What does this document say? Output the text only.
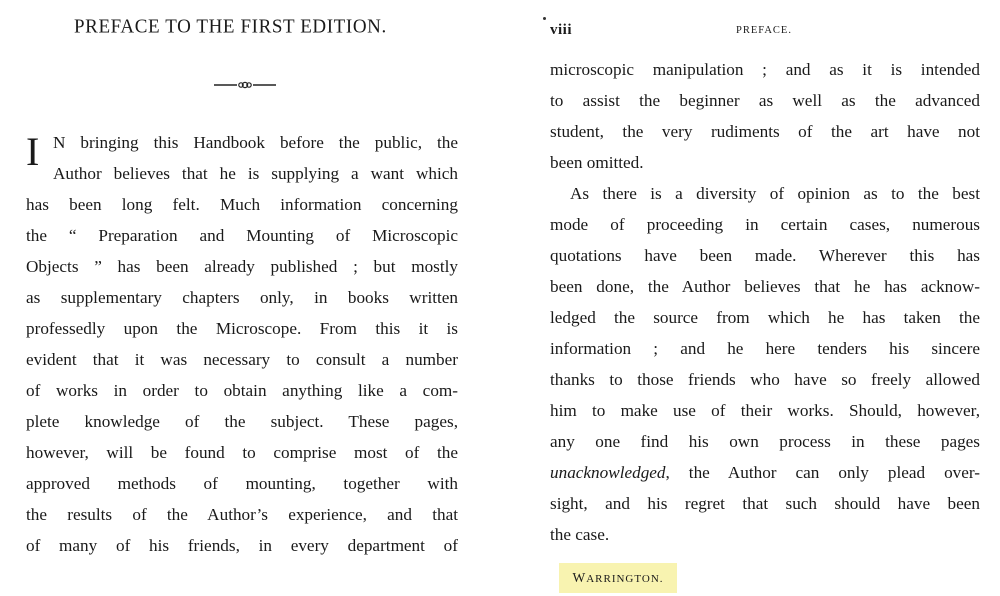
PREFACE TO THE FIRST EDITION.
I N bringing this Handbook before the public, the
Author believes that he is supplying a want which
has been long felt. Much information concerning
the “ Preparation and Mounting of Microscopic
Objects ” has been already published ; but mostly
as supplementary chapters only, in books written
professedly upon the Microscope. From this it is
evident that it was necessary to consult a number
of works in order to obtain anything like a com-
plete knowledge of the subject. These pages,
however, will be found to comprise most of the
approved methods of mounting, together with
the results of the Author’s experience, and that
of many of his friends, in every department of
viii	PREFACE.
microscopic manipulation ; and as it is intended
to assist the beginner as well as the advanced
student, the very rudiments of the art have not
been omitted.
As there is a diversity of opinion as to the best
mode of proceeding in certain cases, numerous
quotations have been made. Wherever this has
been done, the Author believes that he has acknow-
ledged the source from which he has taken the
information ; and he here tenders his sincere
thanks to those friends who have so freely allowed
him to make use of their works. Should, however,
any one find his own process in these pages
unacknowledged, the Author can only plead over-
sight, and his regret that such should have been
the case.
WARRINGTON.
